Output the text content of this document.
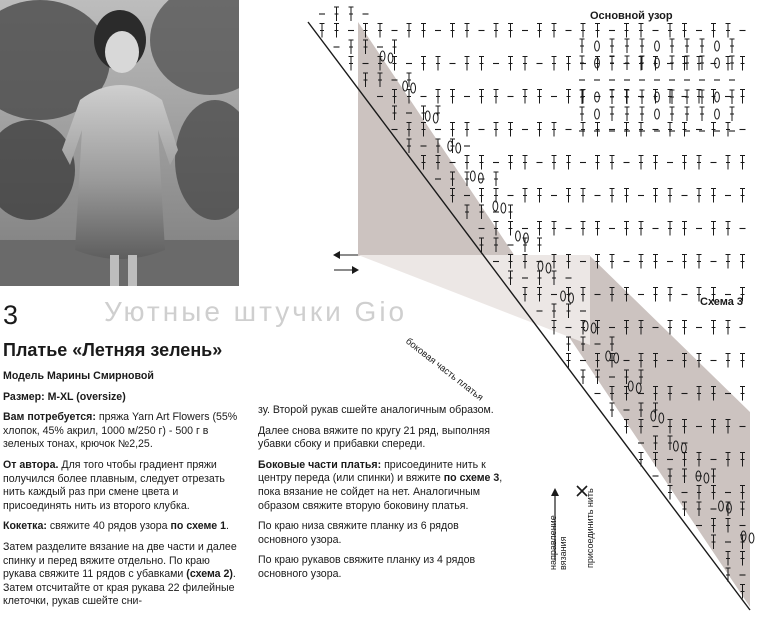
Уютные штучки Gio
3
Платье «Летняя зелень»
Модель Марины Смирновой
Размер: M-XL (oversize)
Вам потребуется: пряжа Yarn Art Flowers (55% хлопок, 45% акрил, 1000 м/250 г) - 500 г в зеленых тонах, крючок №2,25.
От автора. Для того чтобы градиент пряжи получился более плавным, следует отрезать нить каждый раз при смене цвета и присоединять нить из второго клубка.
Кокетка: свяжите 40 рядов узора по схеме 1.
Затем разделите вязание на две части и далее спинку и перед вяжите отдельно. По краю рукава свяжите 11 рядов с убавками (схема 2). Затем отсчитайте от края рукава 22 филейные клеточки, рукав сшейте сни-
зу. Второй рукав сшейте аналогичным образом.
Далее снова вяжите по кругу 21 ряд, выполняя убавки сбоку и прибавки спереди.
Боковые части платья: присоедините нить к центру переда (или спинки) и вяжите по схеме 3, пока вязание не сойдет на нет. Аналогичным образом свяжите вторую боковину платья.
По краю низа свяжите планку из 6 рядов основного узора.
По краю рукавов свяжите планку из 4 рядов основного узора.
Основной узор
Схема 3
боковая часть платья
направление вязания присоединить нить
